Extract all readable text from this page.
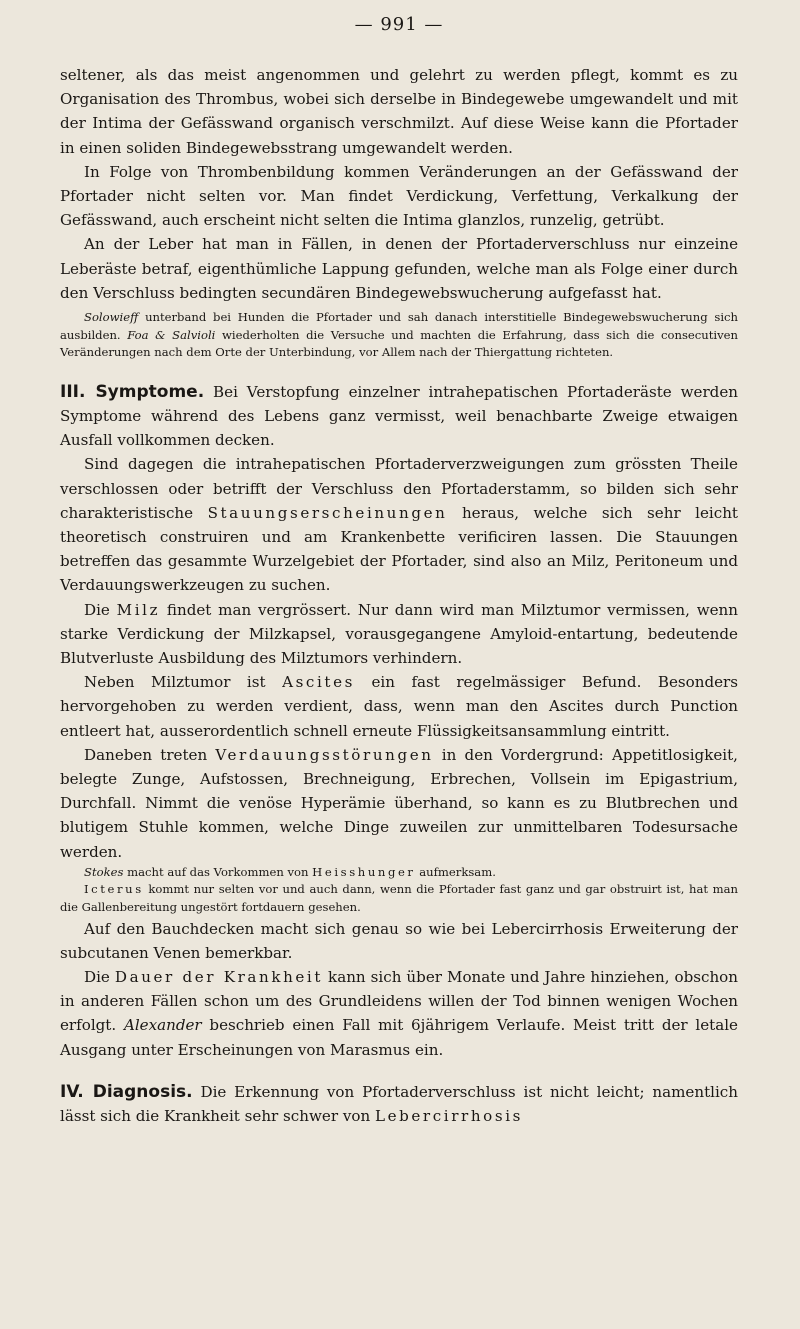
— 991 —

seltener, als das meist angenommen und gelehrt zu werden pflegt, kommt es zu Organisation des Thrombus, wobei sich derselbe in Bindegewebe umgewandelt und mit der Intima der Gefässwand organisch verschmilzt. Auf diese Weise kann die Pfortader in einen soliden Bindegewebsstrang umgewandelt werden.

In Folge von Thrombenbildung kommen Veränderungen an der Gefässwand der Pfortader nicht selten vor. Man findet Verdickung, Verfettung, Verkalkung der Gefässwand, auch erscheint nicht selten die Intima glanzlos, runzelig, getrübt.

An der Leber hat man in Fällen, in denen der Pfortaderverschluss nur einzeine Leberäste betraf, eigenthümliche Lappung gefunden, welche man als Folge einer durch den Verschluss bedingten secundären Bindegewebswucherung aufgefasst hat.

Solowieff unterband bei Hunden die Pfortader und sah danach interstitielle Bindegewebswucherung sich ausbilden. Foa & Salvioli wiederholten die Versuche und machten die Erfahrung, dass sich die consecutiven Veränderungen nach dem Orte der Unterbindung, vor Allem nach der Thiergattung richteten.

III. Symptome. Bei Verstopfung einzelner intrahepatischen Pfortaderäste werden Symptome während des Lebens ganz vermisst, weil benachbarte Zweige etwaigen Ausfall vollkommen decken.

Sind dagegen die intrahepatischen Pfortaderverzweigungen zum grössten Theile verschlossen oder betrifft der Verschluss den Pfortaderstamm, so bilden sich sehr charakteristische Stauungserscheinungen heraus, welche sich sehr leicht theoretisch construiren und am Krankenbette verificiren lassen. Die Stauungen betreffen das gesammte Wurzelgebiet der Pfortader, sind also an Milz, Peritoneum und Verdauungswerkzeugen zu suchen.

Die Milz findet man vergrössert. Nur dann wird man Milztumor vermissen, wenn starke Verdickung der Milzkapsel, vorausgegangene Amyloid-entartung, bedeutende Blutverluste Ausbildung des Milztumors verhindern.

Neben Milztumor ist Ascites ein fast regelmässiger Befund. Besonders hervorgehoben zu werden verdient, dass, wenn man den Ascites durch Punction entleert hat, ausserordentlich schnell erneute Flüssigkeitsansammlung eintritt.

Daneben treten Verdauungsstörungen in den Vordergrund: Appetitlosigkeit, belegte Zunge, Aufstossen, Brechneigung, Erbrechen, Vollsein im Epigastrium, Durchfall. Nimmt die venöse Hyperämie überhand, so kann es zu Blutbrechen und blutigem Stuhle kommen, welche Dinge zuweilen zur unmittelbaren Todesursache werden.

Stokes macht auf das Vorkommen von Heisshunger aufmerksam.

Icterus kommt nur selten vor und auch dann, wenn die Pfortader fast ganz und gar obstruirt ist, hat man die Gallenbereitung ungestört fortdauern gesehen.

Auf den Bauchdecken macht sich genau so wie bei Lebercirrhosis Erweiterung der subcutanen Venen bemerkbar.

Die Dauer der Krankheit kann sich über Monate und Jahre hinziehen, obschon in anderen Fällen schon um des Grundleidens willen der Tod binnen wenigen Wochen erfolgt. Alexander beschrieb einen Fall mit 6jährigem Verlaufe. Meist tritt der letale Ausgang unter Erscheinungen von Marasmus ein.

IV. Diagnosis. Die Erkennung von Pfortaderverschluss ist nicht leicht; namentlich lässt sich die Krankheit sehr schwer von Lebercirrhosis
